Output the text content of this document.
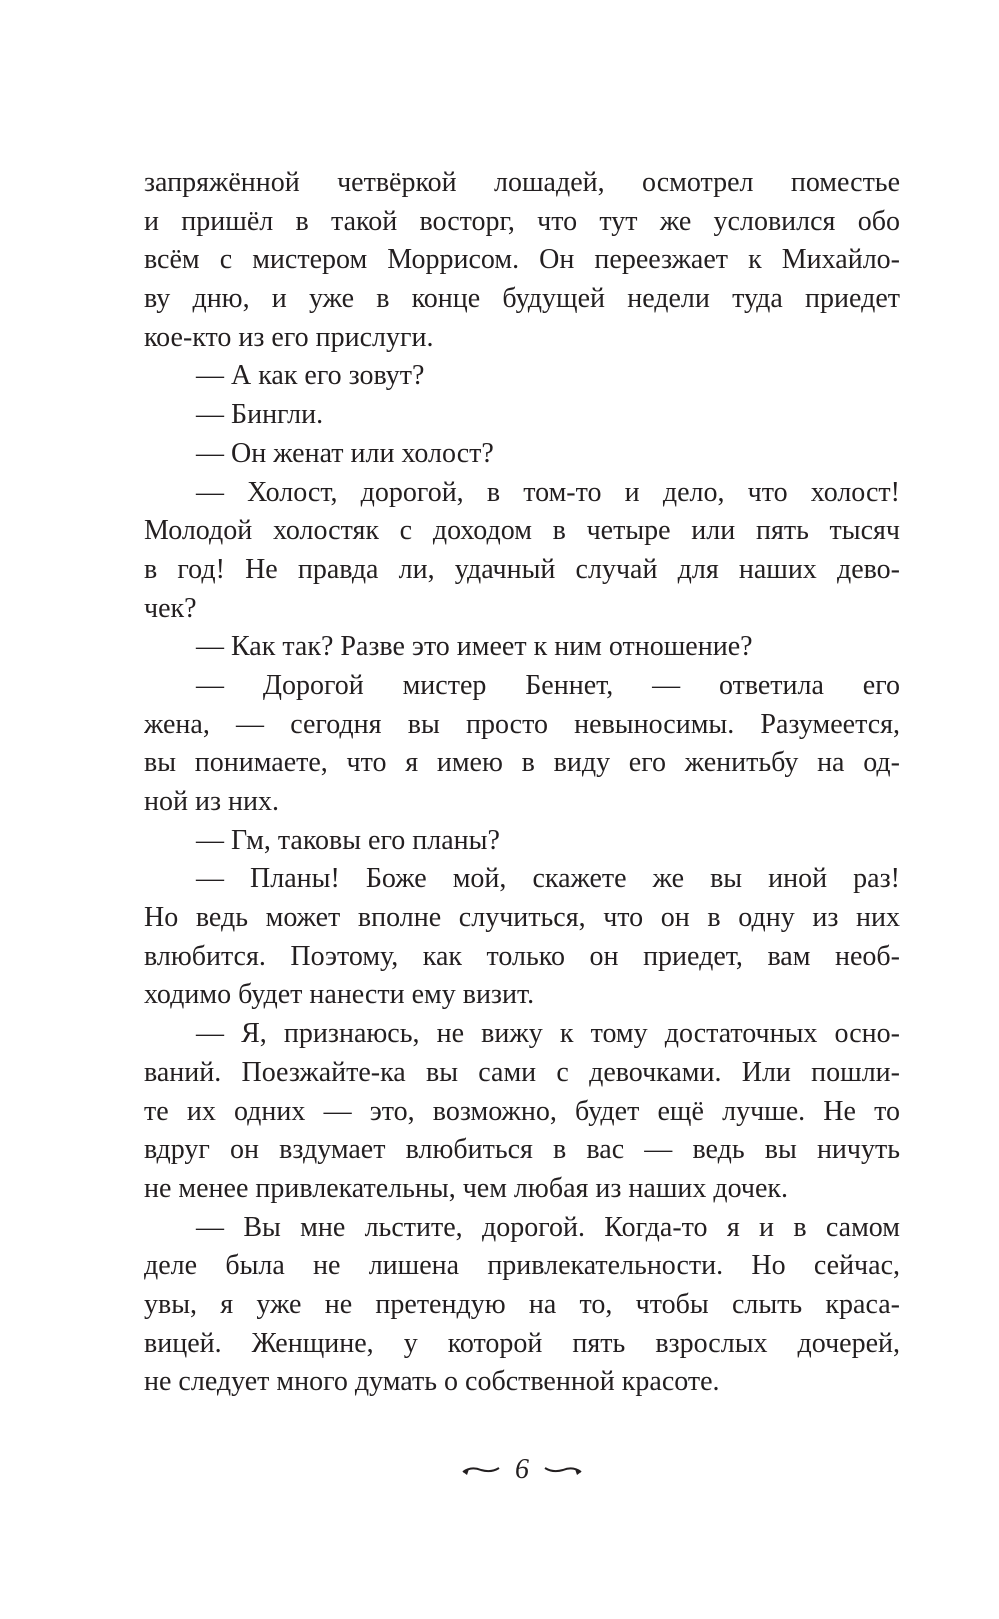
запряжённой четвёркой лошадей, осмотрел поместье
и пришёл в такой восторг, что тут же условился обо
всём с мистером Моррисом. Он переезжает к Михайло-
ву дню, и уже в конце будущей недели туда приедет
кое-кто из его прислуги.
— А как его зовут?
— Бингли.
— Он женат или холост?
— Холост, дорогой, в том-то и дело, что холост!
Молодой холостяк с доходом в четыре или пять тысяч
в год! Не правда ли, удачный случай для наших дево-
чек?
— Как так? Разве это имеет к ним отношение?
— Дорогой мистер Беннет, — ответила его
жена, — сегодня вы просто невыносимы. Разумеется,
вы понимаете, что я имею в виду его женитьбу на од-
ной из них.
— Гм, таковы его планы?
— Планы! Боже мой, скажете же вы иной раз!
Но ведь может вполне случиться, что он в одну из них
влюбится. Поэтому, как только он приедет, вам необ-
ходимо будет нанести ему визит.
— Я, признаюсь, не вижу к тому достаточных осно-
ваний. Поезжайте-ка вы сами с девочками. Или пошли-
те их одних — это, возможно, будет ещё лучше. Не то
вдруг он вздумает влюбиться в вас — ведь вы ничуть
не менее привлекательны, чем любая из наших дочек.
— Вы мне льстите, дорогой. Когда-то я и в самом
деле была не лишена привлекательности. Но сейчас,
увы, я уже не претендую на то, чтобы слыть краса-
вицей. Женщине, у которой пять взрослых дочерей,
не следует много думать о собственной красоте.
6
